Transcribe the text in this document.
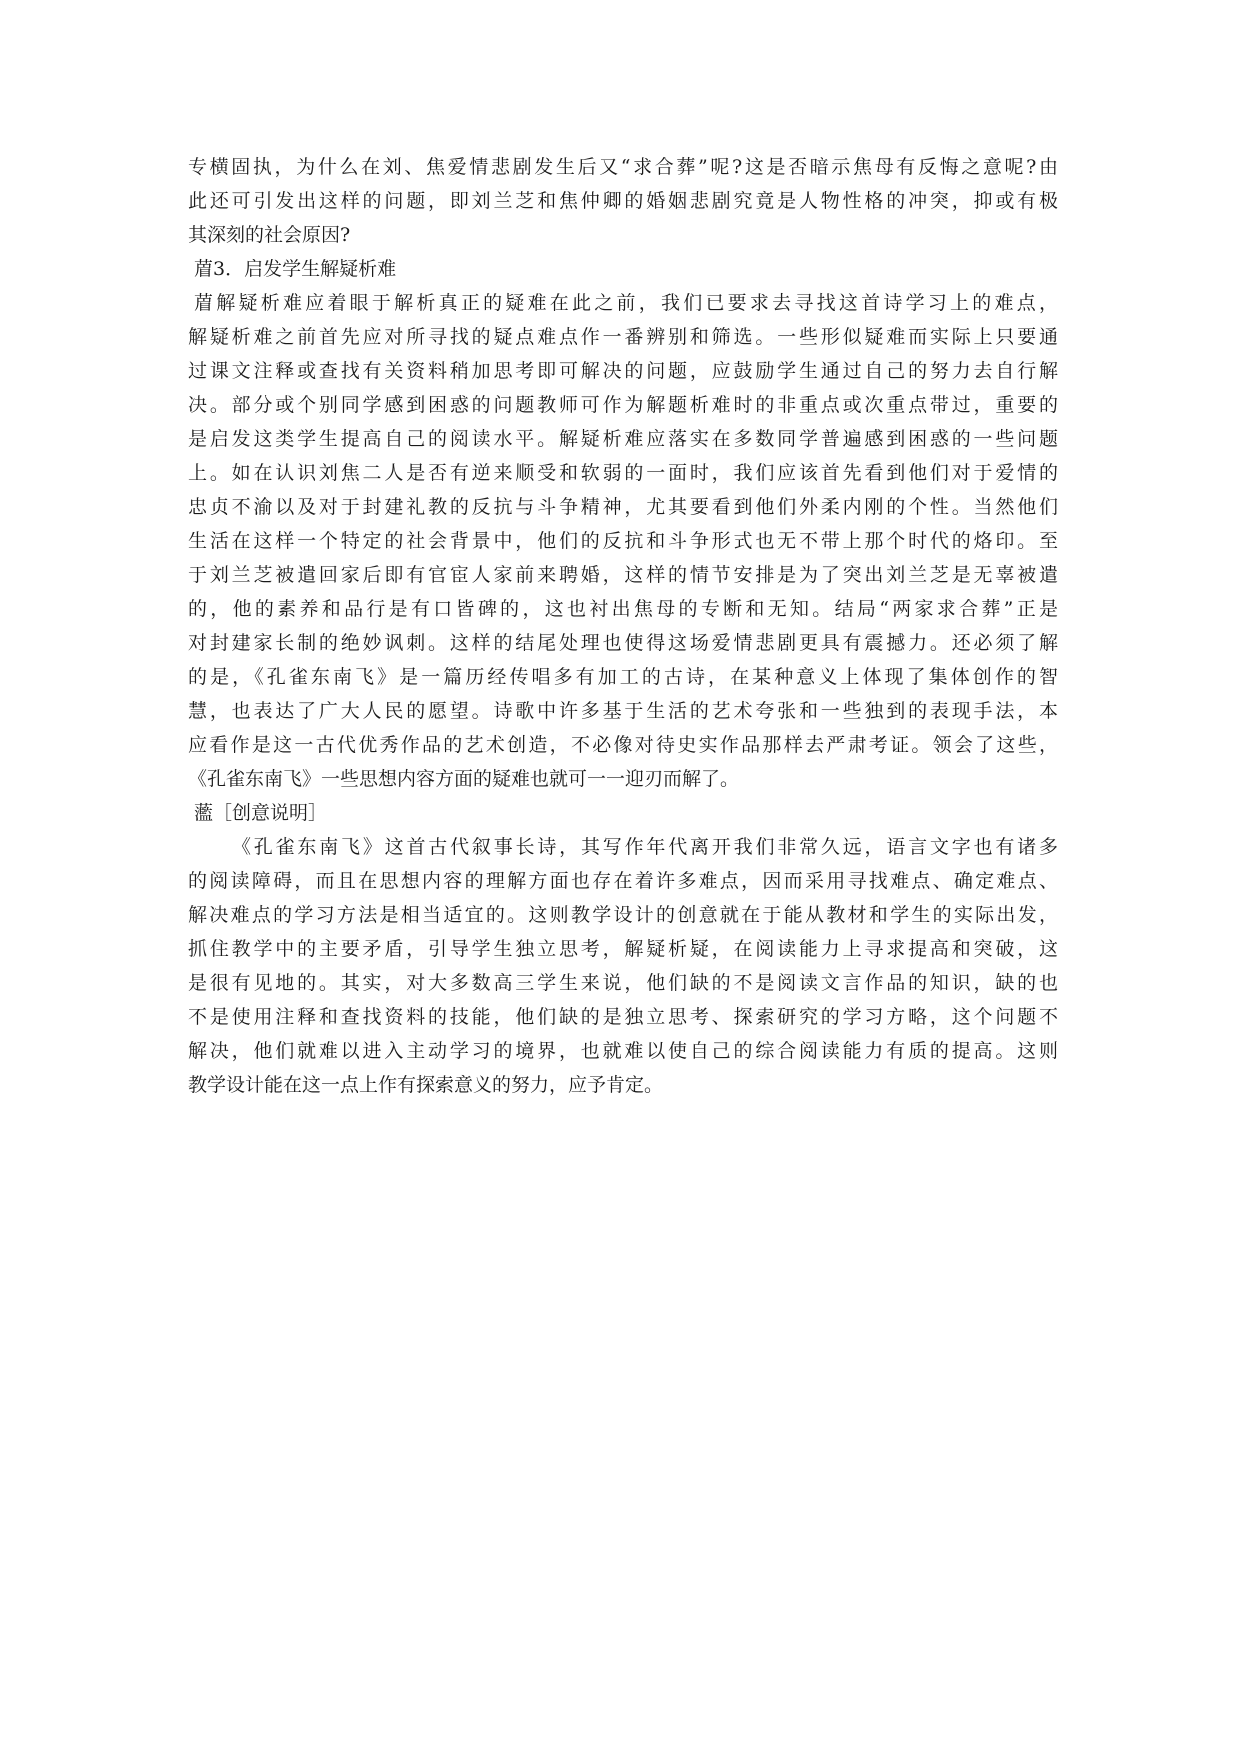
专横固执，为什么在刘、焦爱情悲剧发生后又“求合葬”呢?这是否暗示焦母有反悔之意呢?由
此还可引发出这样的问题，即刘兰芝和焦仲卿的婚姻悲剧究竟是人物性格的冲突，抑或有极
其深刻的社会原因?
葿3．启发学生解疑析难
葿解疑析难应着眼于解析真正的疑难在此之前，我们已要求去寻找这首诗学习上的难点，
解疑析难之前首先应对所寻找的疑点难点作一番辨别和筛选。一些形似疑难而实际上只要通
过课文注释或查找有关资料稍加思考即可解决的问题，应鼓励学生通过自己的努力去自行解
决。部分或个别同学感到困惑的问题教师可作为解题析难时的非重点或次重点带过，重要的
是启发这类学生提高自己的阅读水平。解疑析难应落实在多数同学普遍感到困惑的一些问题
上。如在认识刘焦二人是否有逆来顺受和软弱的一面时，我们应该首先看到他们对于爱情的
忠贞不渝以及对于封建礼教的反抗与斗争精神，尤其要看到他们外柔内刚的个性。当然他们
生活在这样一个特定的社会背景中，他们的反抗和斗争形式也无不带上那个时代的烙印。至
于刘兰芝被遣回家后即有官宦人家前来聘婚，这样的情节安排是为了突出刘兰芝是无辜被遣
的，他的素养和品行是有口皆碑的，这也衬出焦母的专断和无知。结局“两家求合葬”正是
对封建家长制的绝妙讽刺。这样的结尾处理也使得这场爱情悲剧更具有震撼力。还必须了解
的是，《孔雀东南飞》是一篇历经传唱多有加工的古诗，在某种意义上体现了集体创作的智
慧，也表达了广大人民的愿望。诗歌中许多基于生活的艺术夸张和一些独到的表现手法，本
应看作是这一古代优秀作品的艺术创造，不必像对待史实作品那样去严肃考证。领会了这些，
《孔雀东南飞》一些思想内容方面的疑难也就可一一迎刃而解了。
蘫［创意说明］
《孔雀东南飞》这首古代叙事长诗，其写作年代离开我们非常久远，语言文字也有诸多
的阅读障碍，而且在思想内容的理解方面也存在着许多难点，因而采用寻找难点、确定难点、
解决难点的学习方法是相当适宜的。这则教学设计的创意就在于能从教材和学生的实际出发，
抓住教学中的主要矛盾，引导学生独立思考，解疑析疑，在阅读能力上寻求提高和突破，这
是很有见地的。其实，对大多数高三学生来说，他们缺的不是阅读文言作品的知识，缺的也
不是使用注释和查找资料的技能，他们缺的是独立思考、探索研究的学习方略，这个问题不
解决，他们就难以进入主动学习的境界，也就难以使自己的综合阅读能力有质的提高。这则
教学设计能在这一点上作有探索意义的努力，应予肯定。
